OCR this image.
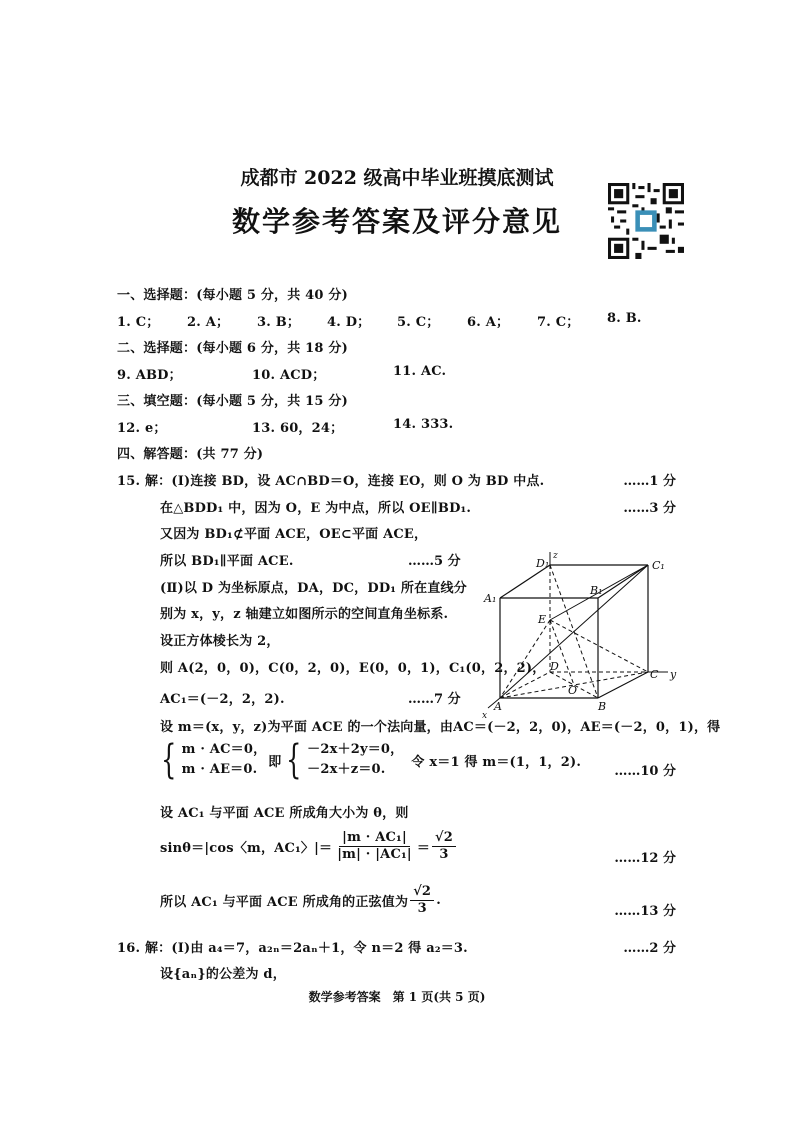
成都市 2022 级高中毕业班摸底测试
数学参考答案及评分意见
一、选择题：(每小题 5 分，共 40 分)
1. C； 2. A； 3. B； 4. D； 5. C； 6. A； 7. C； 8. B.
二、选择题：(每小题 6 分，共 18 分)
9. ABD；	10. ACD；	11. AC.
三、填空题：(每小题 5 分，共 15 分)
12. e；	13. 60，24；	14. 333.
四、解答题：(共 77 分)
15. 解：(Ⅰ)连接 BD，设 AC∩BD＝O，连接 EO，则 O 为 BD 中点.	……1 分
在△BDD₁ 中，因为 O，E 为中点，所以 OE∥BD₁.	……3 分
又因为 BD₁⊄平面 ACE，OE⊂平面 ACE，
所以 BD₁∥平面 ACE.	……5 分
(Ⅱ)以 D 为坐标原点，DA，DC，DD₁ 所在直线分
别为 x，y，z 轴建立如图所示的空间直角坐标系.
设正方体棱长为 2，
则 A(2，0，0)，C(0，2，0)，E(0，0，1)，C₁(0，2，2)，
AC₁＝(－2，2，2).	……7 分
设 m＝(x，y，z)为平面 ACE 的一个法向量，由AC＝(－2，2，0)，AE＝(－2，0，1)，得
{ m · AC＝0，
m · AE＝0. 即 { －2x＋2y＝0，
－2x＋z＝0.	令 x＝1 得 m＝(1，1，2).
……10 分
设 AC₁ 与平面 ACE 所成角大小为 θ，则
sinθ＝|cos〈m，AC₁〉|＝ $\frac{\text{|m · AC₁|}}{\text{|m| · |AC₁|}} = \frac{√2}{3}$	……12 分
所以 AC₁ 与平面 ACE 所成角的正弦值为 $\frac{√2}{3}$ .
……13 分
16. 解：(Ⅰ)由 a₄＝7，a₂ₙ＝2aₙ＋1，令 n＝2 得 a₂＝3.	……2 分
设{aₙ}的公差为 d，
D₁	C₁
A₁
B₁
E
D
O
C y
A	B
x
z
数学参考答案　第 1 页(共 5 页)
